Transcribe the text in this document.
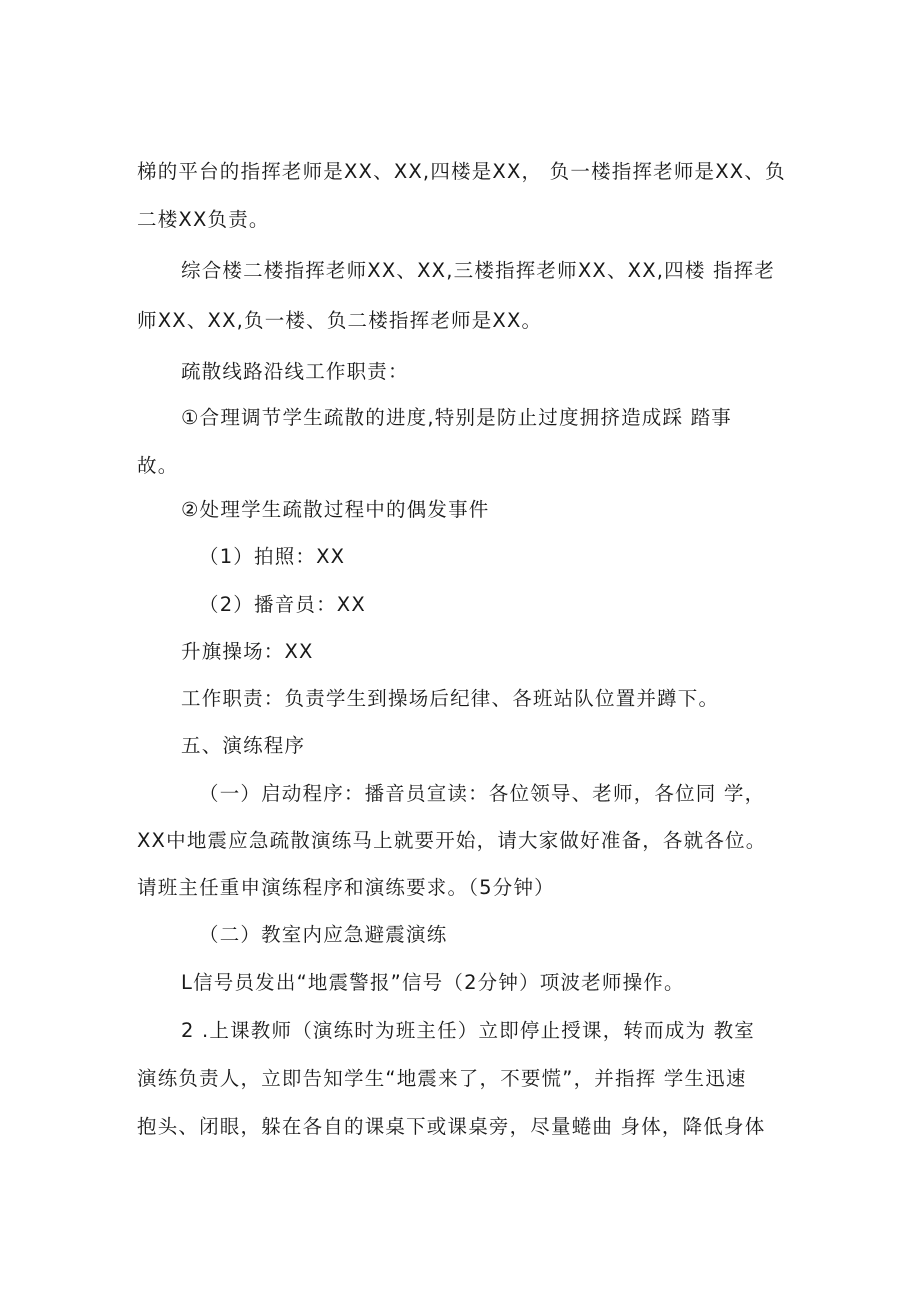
梯的平台的指挥老师是XX、XX,四楼是XX， 负一楼指挥老师是XX、负

二楼XX负责。

综合楼二楼指挥老师XX、XX,三楼指挥老师XX、XX,四楼 指挥老

师XX、XX,负一楼、负二楼指挥老师是XX。

疏散线路沿线工作职责：

①合理调节学生疏散的进度,特别是防止过度拥挤造成踩 踏事

故。

②处理学生疏散过程中的偶发事件

（1）拍照：XX

（2）播音员：XX

升旗操场：XX

工作职责：负责学生到操场后纪律、各班站队位置并蹲下。

五、演练程序

（一）启动程序：播音员宣读：各位领导、老师，各位同 学，

XX中地震应急疏散演练马上就要开始，请大家做好准备，各就各位。

请班主任重申演练程序和演练要求。（5分钟）

（二）教室内应急避震演练

L信号员发出“地震警报”信号（2分钟）项波老师操作。

2 .上课教师（演练时为班主任）立即停止授课，转而成为 教室

演练负责人，立即告知学生“地震来了，不要慌”，并指挥 学生迅速

抱头、闭眼，躲在各自的课桌下或课桌旁，尽量蜷曲 身体，降低身体
